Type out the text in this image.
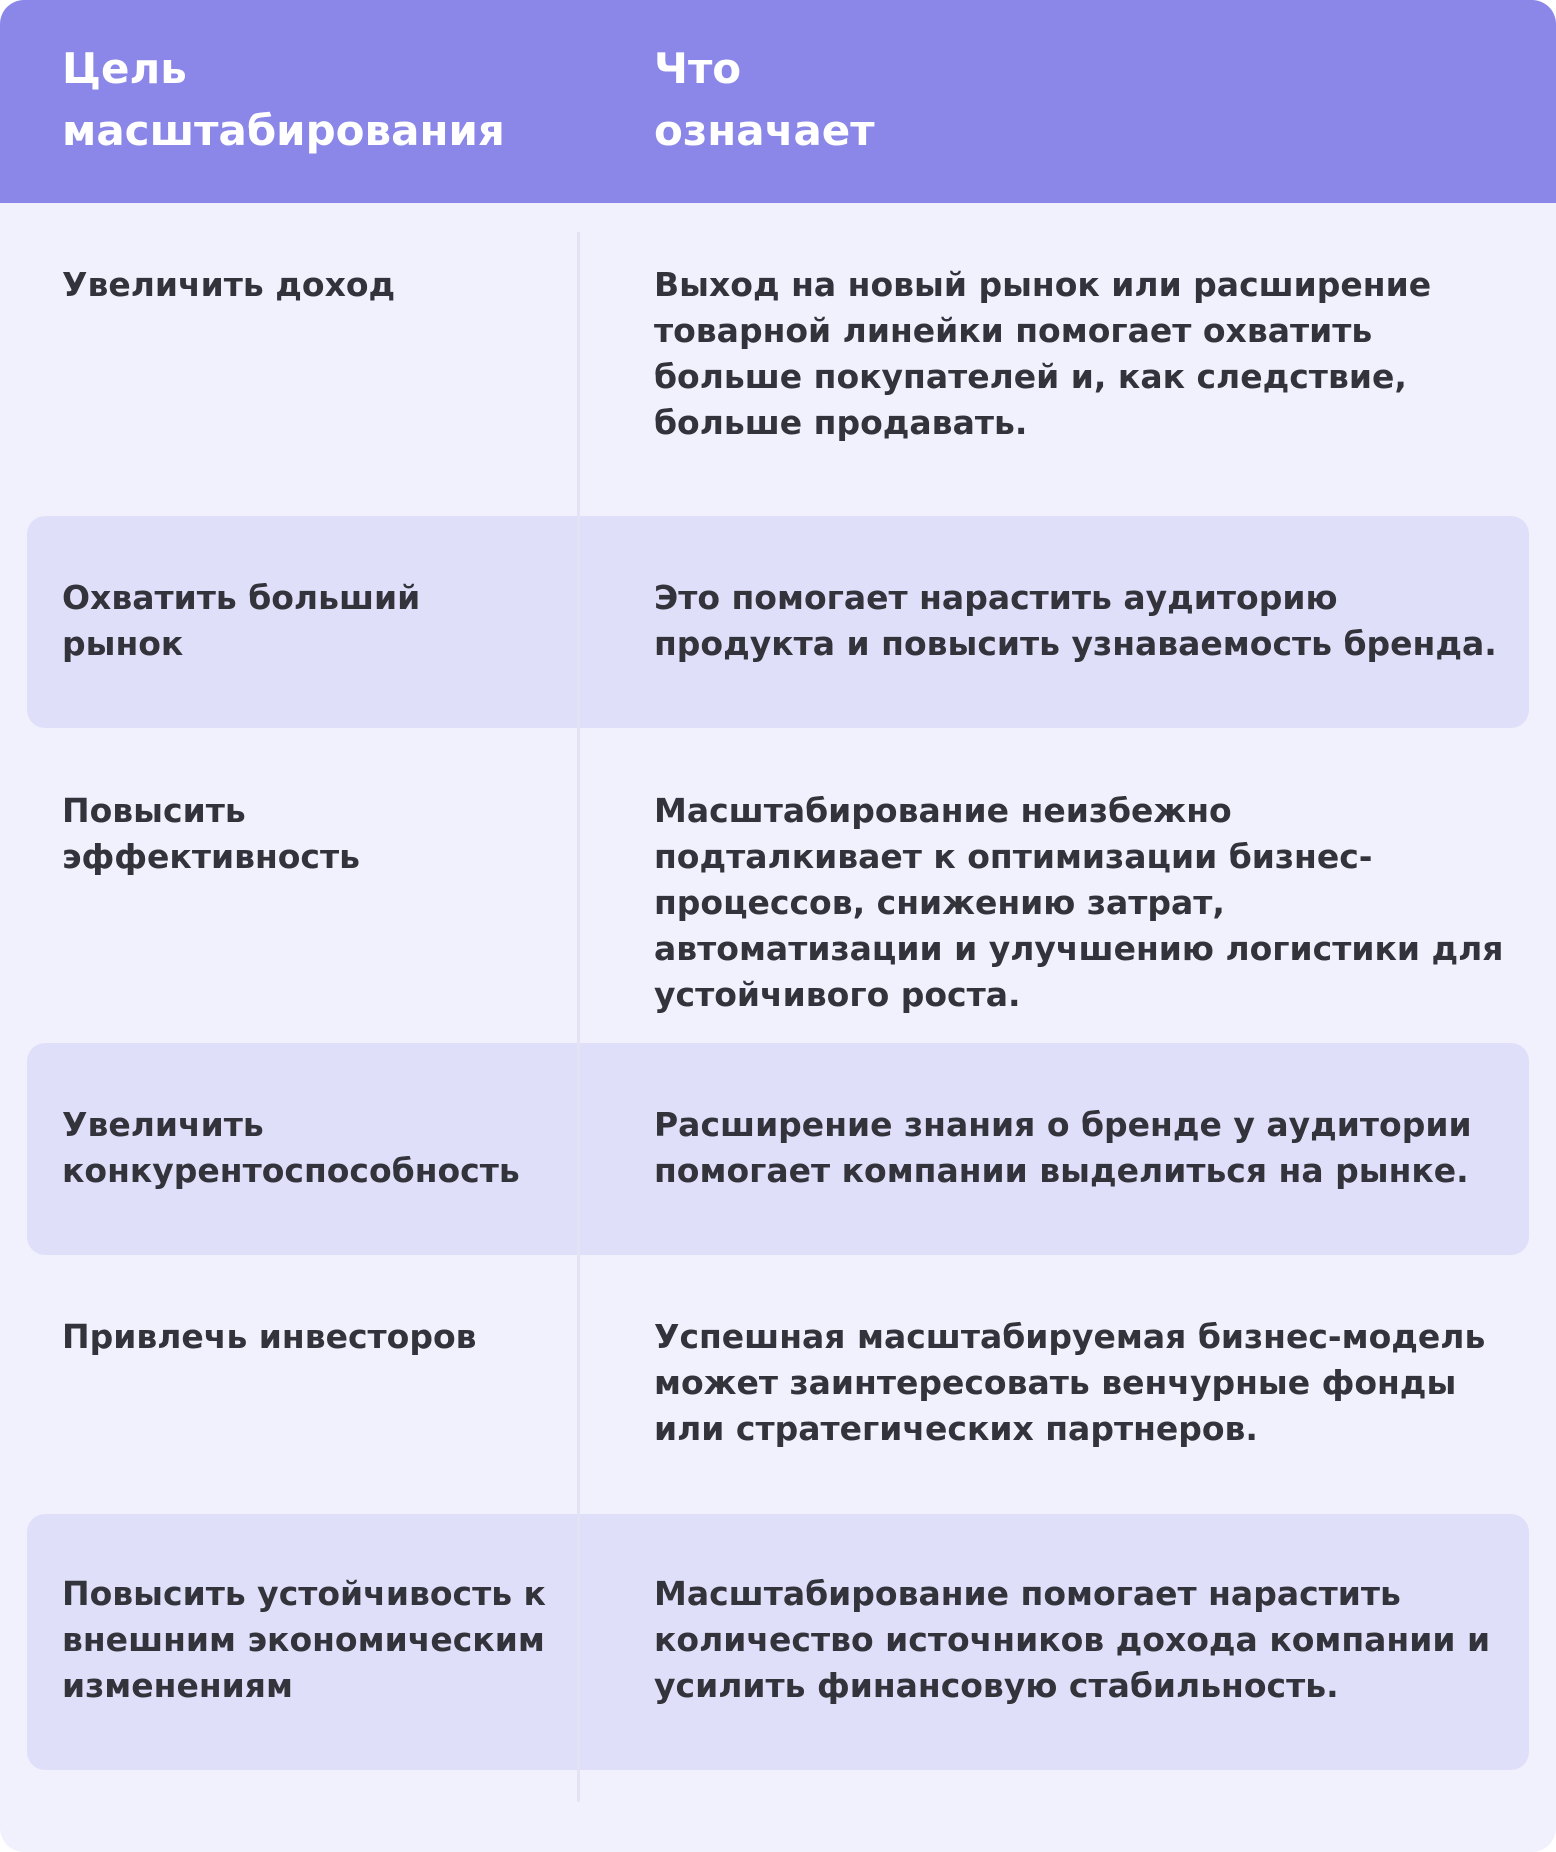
Цель
масштабирования
Что
означает
Увеличить доход	Выход на новый рынок или расширение товарной линейки помогает охватить больше покупателей и, как следствие, больше продавать.
Охватить больший рынок
Это помогает нарастить аудиторию продукта и повысить узнаваемость бренда.
Повысить эффективность
Масштабирование неизбежно подталкивает к оптимизации бизнес-процессов, снижению затрат, автоматизации и улучшению логистики для устойчивого роста.
Увеличить конкурентоспособность
Расширение знания о бренде у аудитории помогает компании выделиться на рынке.
Привлечь инвесторов	Успешная масштабируемая бизнес-модель может заинтересовать венчурные фонды или стратегических партнеров.
Повысить устойчивость к внешним экономическим изменениям
Масштабирование помогает нарастить количество источников дохода компании и усилить финансовую стабильность.
